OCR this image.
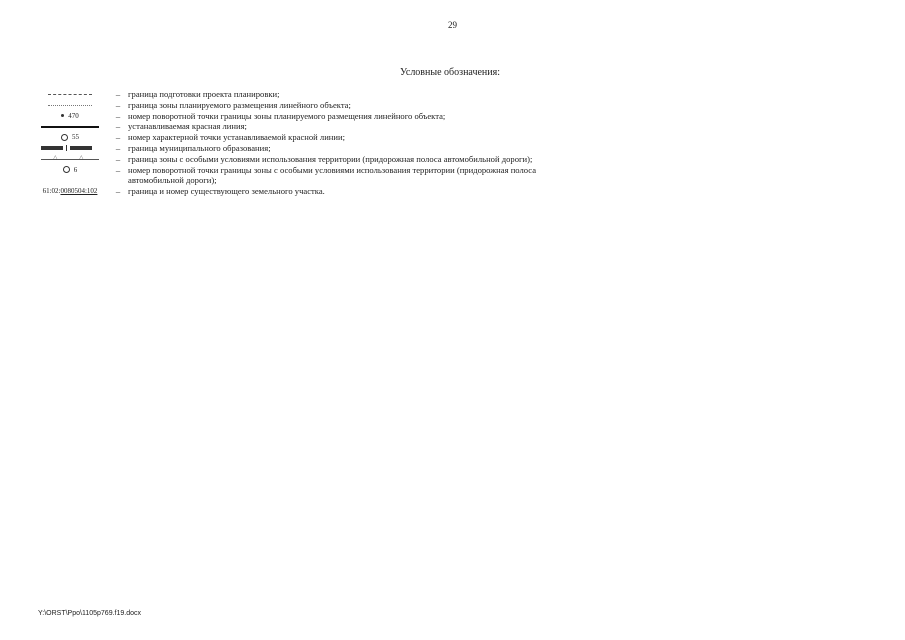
29
Условные обозначения:
– граница подготовки проекта планировки;
– граница зоны планируемого размещения линейного объекта;
470	– номер поворотной точки границы зоны планируемого размещения линейного объекта;
– устанавливаемая красная линия;
55	– номер характерной точки устанавливаемой красной линии;
– граница муниципального образования;
△	△	– граница зоны с особыми условиями использования территории (придорожная полоса автомобильной дороги);
6	– номер поворотной точки границы зоны с особыми условиями использования территории (придорожная полоса
автомобильной дороги);
61:02:0080504:102	– граница и номер существующего земельного участка.
Y:\ORST\Ppo\1105p769.f19.docx
